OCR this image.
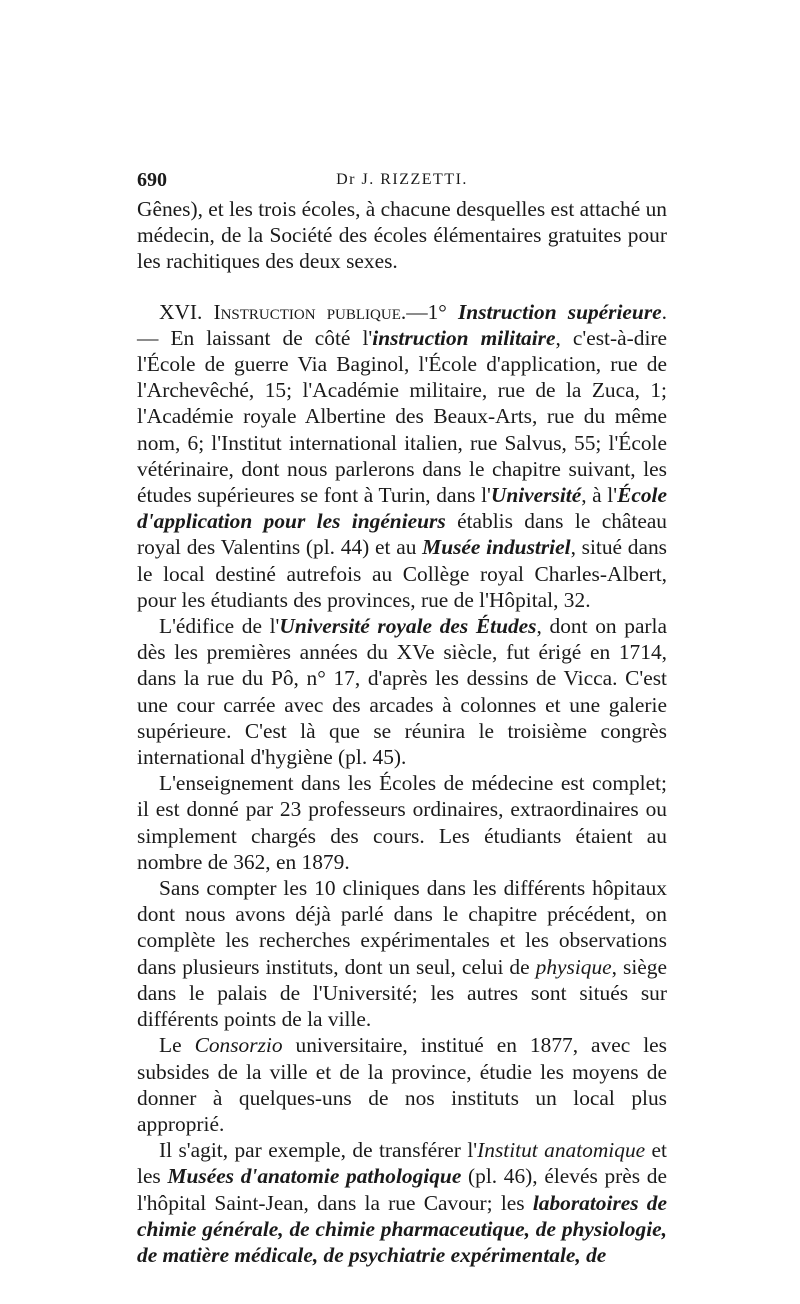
690	Dr J. RIZZETTI.

Gênes), et les trois écoles, à chacune desquelles est attaché un médecin, de la Société des écoles élémentaires gratuites pour les rachitiques des deux sexes.

XVI. Instruction publique.—1° Instruction supérieure. — En laissant de côté l'instruction militaire, c'est-à-dire l'École de guerre Via Baginol, l'École d'application, rue de l'Archevêché, 15; l'Académie militaire, rue de la Zuca, 1; l'Académie royale Albertine des Beaux-Arts, rue du même nom, 6; l'Institut international italien, rue Salvus, 55; l'École vétérinaire, dont nous parlerons dans le chapitre suivant, les études supérieures se font à Turin, dans l'Université, à l'École d'application pour les ingénieurs établis dans le château royal des Valentins (pl. 44) et au Musée industriel, situé dans le local destiné autrefois au Collège royal Charles-Albert, pour les étudiants des provinces, rue de l'Hôpital, 32.

L'édifice de l'Université royale des Études, dont on parla dès les premières années du XVe siècle, fut érigé en 1714, dans la rue du Pô, n° 17, d'après les dessins de Vicca. C'est une cour carrée avec des arcades à colonnes et une galerie supérieure. C'est là que se réunira le troisième congrès international d'hygiène (pl. 45).

L'enseignement dans les Écoles de médecine est complet; il est donné par 23 professeurs ordinaires, extraordinaires ou simplement chargés des cours. Les étudiants étaient au nombre de 362, en 1879.

Sans compter les 10 cliniques dans les différents hôpitaux dont nous avons déjà parlé dans le chapitre précédent, on complète les recherches expérimentales et les observations dans plusieurs instituts, dont un seul, celui de physique, siège dans le palais de l'Université; les autres sont situés sur différents points de la ville.

Le Consorzio universitaire, institué en 1877, avec les subsides de la ville et de la province, étudie les moyens de donner à quelques-uns de nos instituts un local plus approprié.

Il s'agit, par exemple, de transférer l'Institut anatomique et les Musées d'anatomie pathologique (pl. 46), élevés près de l'hôpital Saint-Jean, dans la rue Cavour; les laboratoires de chimie générale, de chimie pharmaceutique, de physiologie, de matière médicale, de psychiatrie expérimentale, de
